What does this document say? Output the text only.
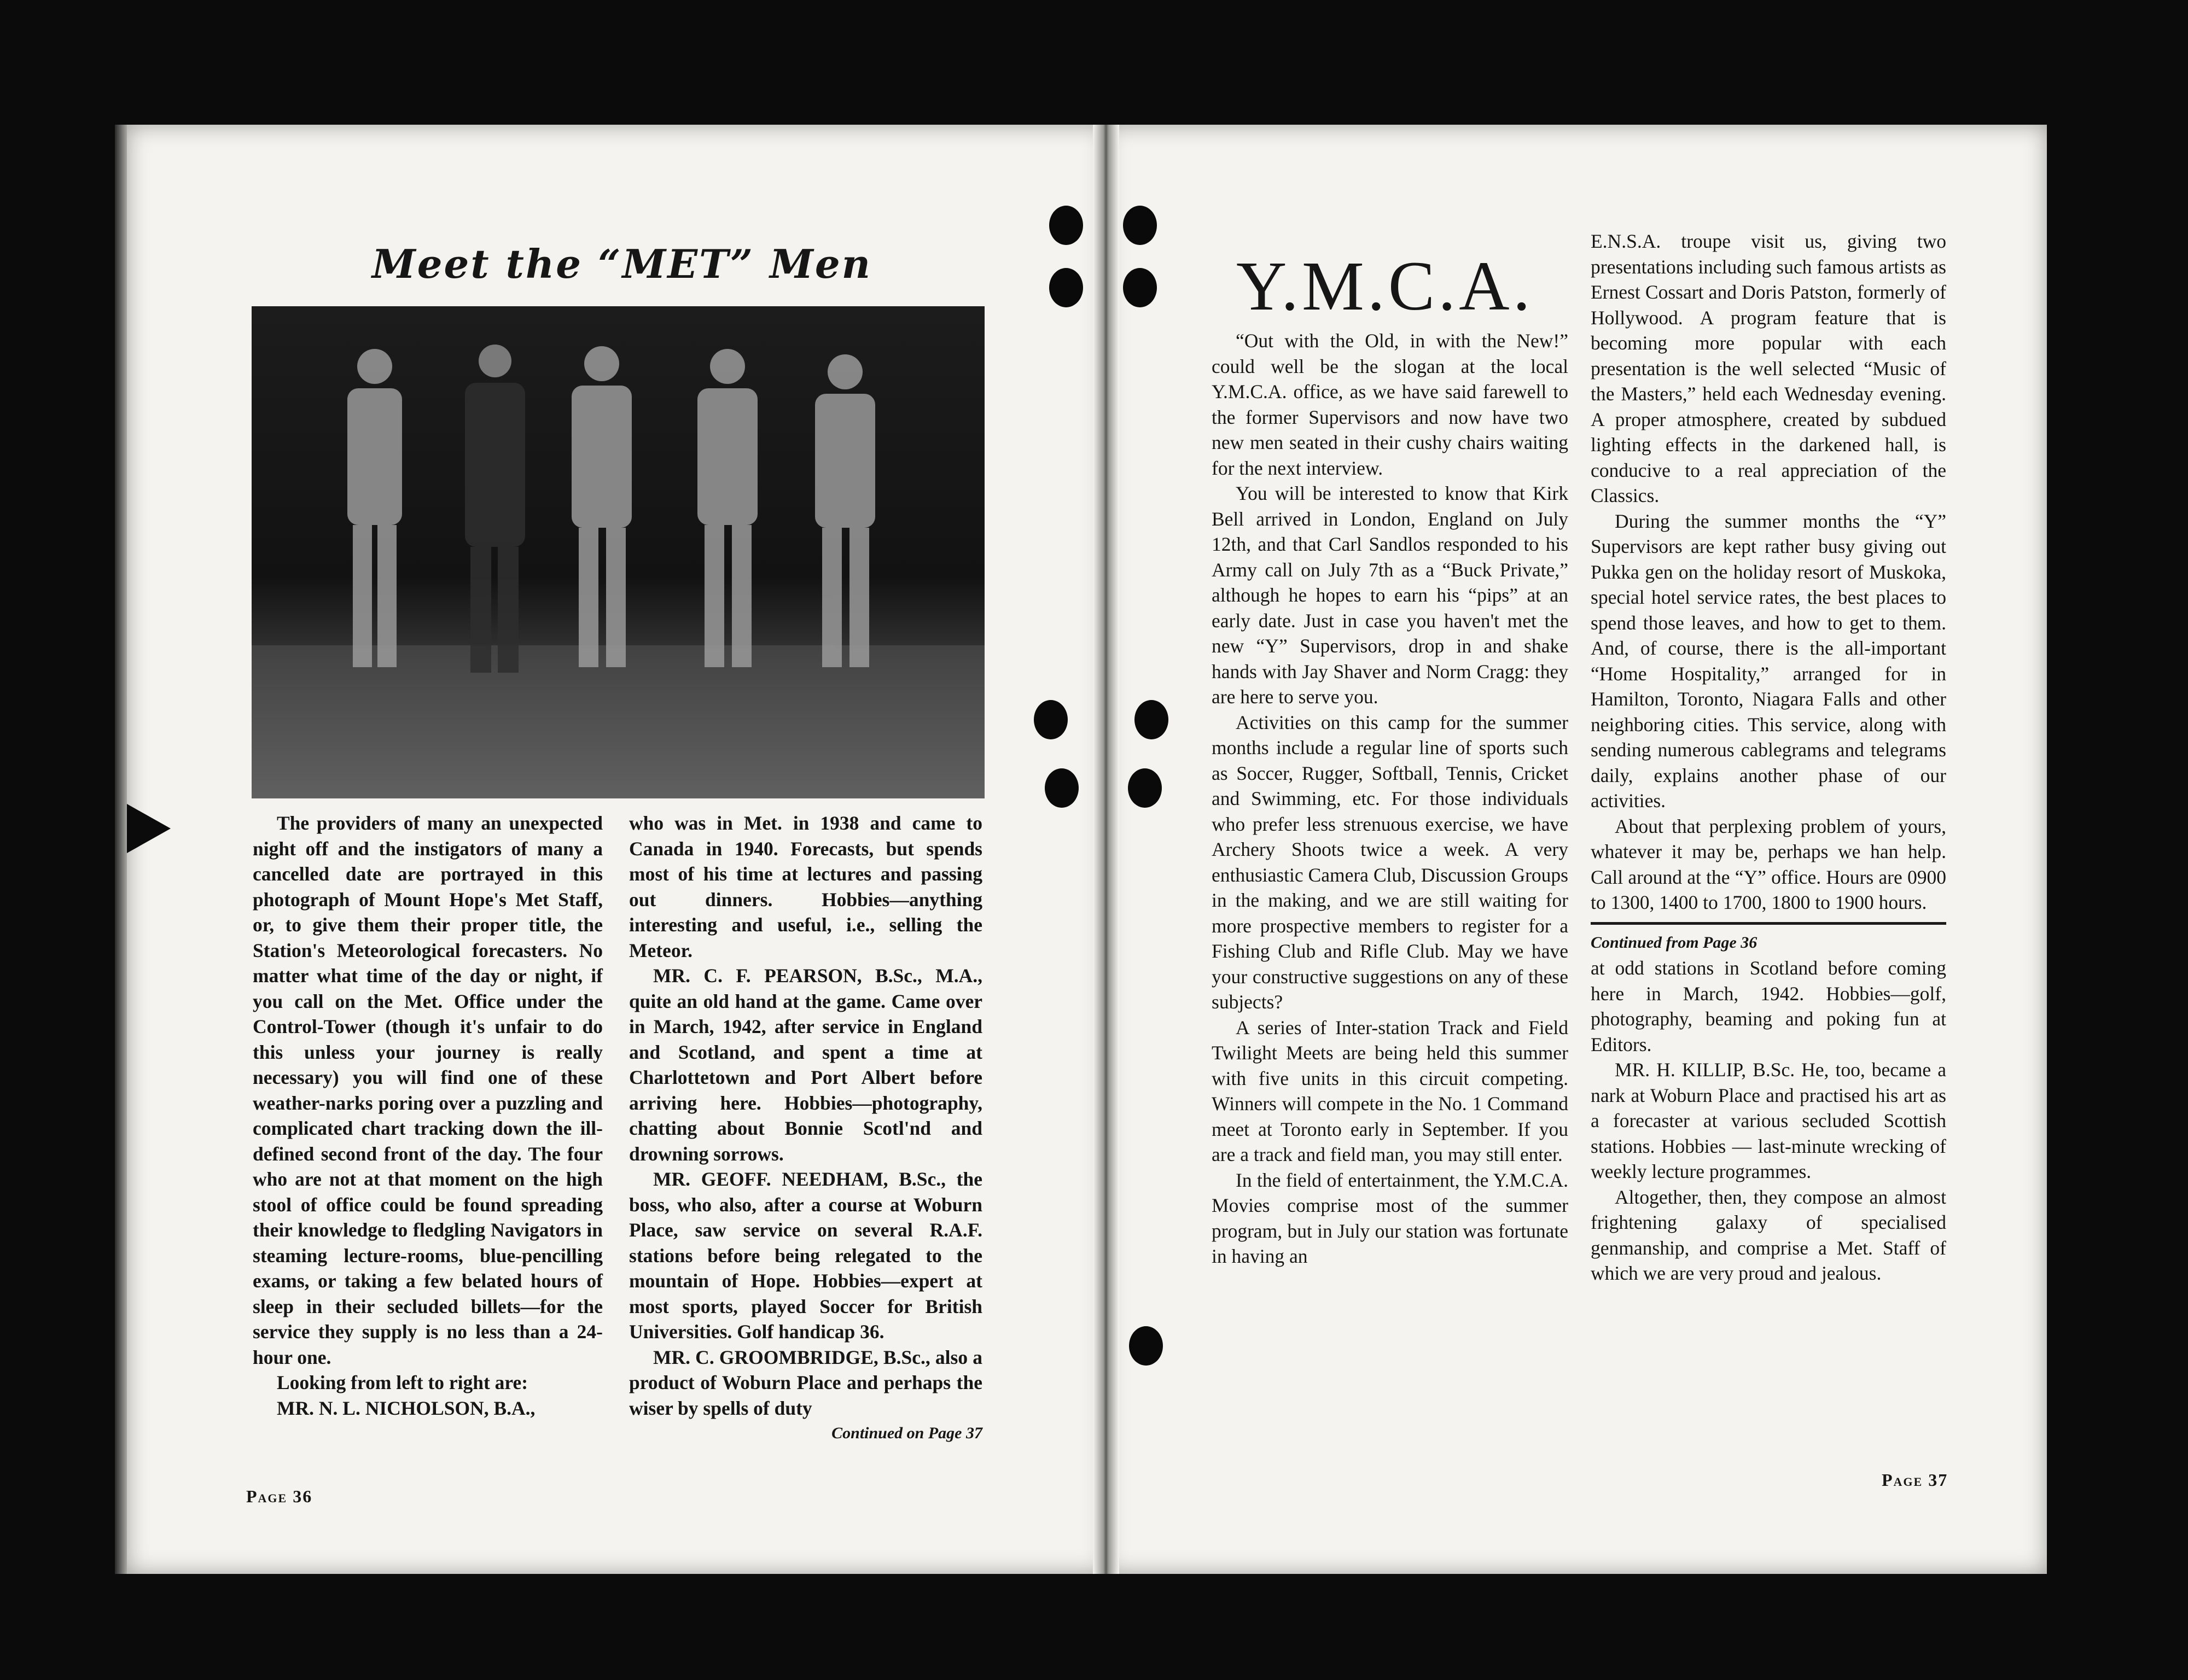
Meet the “MET” Men

The providers of many an unexpected night off and the instigators of many a cancelled date are portrayed in this photograph of Mount Hope's Met Staff, or, to give them their proper title, the Station's Meteorological forecasters. No matter what time of the day or night, if you call on the Met. Office under the Control-Tower (though it's unfair to do this unless your journey is really necessary) you will find one of these weather-narks poring over a puzzling and complicated chart tracking down the ill-defined second front of the day. The four who are not at that moment on the high stool of office could be found spreading their knowledge to fledgling Navigators in steaming lecture-rooms, blue-pencilling exams, or taking a few belated hours of sleep in their secluded billets—for the service they supply is no less than a 24-hour one.

Looking from left to right are:

MR. N. L. NICHOLSON, B.A.,

who was in Met. in 1938 and came to Canada in 1940. Forecasts, but spends most of his time at lectures and passing out dinners. Hobbies—anything interesting and useful, i.e., selling the Meteor.

MR. C. F. PEARSON, B.Sc., M.A., quite an old hand at the game. Came over in March, 1942, after service in England and Scotland, and spent a time at Charlottetown and Port Albert before arriving here. Hobbies—photography, chatting about Bonnie Scotl'nd and drowning sorrows.

MR. GEOFF. NEEDHAM, B.Sc., the boss, who also, after a course at Woburn Place, saw service on several R.A.F. stations before being relegated to the mountain of Hope. Hobbies—expert at most sports, played Soccer for British Universities. Golf handicap 36.

MR. C. GROOMBRIDGE, B.Sc., also a product of Woburn Place and perhaps the wiser by spells of duty

Continued on Page 37

Page 36
Y.M.C.A.

“Out with the Old, in with the New!” could well be the slogan at the local Y.M.C.A. office, as we have said farewell to the former Supervisors and now have two new men seated in their cushy chairs waiting for the next interview.

You will be interested to know that Kirk Bell arrived in London, England on July 12th, and that Carl Sandlos responded to his Army call on July 7th as a “Buck Private,” although he hopes to earn his “pips” at an early date. Just in case you haven't met the new “Y” Supervisors, drop in and shake hands with Jay Shaver and Norm Cragg: they are here to serve you.

Activities on this camp for the summer months include a regular line of sports such as Soccer, Rugger, Softball, Tennis, Cricket and Swimming, etc. For those individuals who prefer less strenuous exercise, we have Archery Shoots twice a week. A very enthusiastic Camera Club, Discussion Groups in the making, and we are still waiting for more prospective members to register for a Fishing Club and Rifle Club. May we have your constructive suggestions on any of these subjects?

A series of Inter-station Track and Field Twilight Meets are being held this summer with five units in this circuit competing. Winners will compete in the No. 1 Command meet at Toronto early in September. If you are a track and field man, you may still enter.

In the field of entertainment, the Y.M.C.A. Movies comprise most of the summer program, but in July our station was fortunate in having an

E.N.S.A. troupe visit us, giving two presentations including such famous artists as Ernest Cossart and Doris Patston, formerly of Hollywood. A program feature that is becoming more popular with each presentation is the well selected “Music of the Masters,” held each Wednesday evening. A proper atmosphere, created by subdued lighting effects in the darkened hall, is conducive to a real appreciation of the Classics.

During the summer months the “Y” Supervisors are kept rather busy giving out Pukka gen on the holiday resort of Muskoka, special hotel service rates, the best places to spend those leaves, and how to get to them. And, of course, there is the all-important “Home Hospitality,” arranged for in Hamilton, Toronto, Niagara Falls and other neighboring cities. This service, along with sending numerous cablegrams and telegrams daily, explains another phase of our activities.

About that perplexing problem of yours, whatever it may be, perhaps we han help. Call around at the “Y” office. Hours are 0900 to 1300, 1400 to 1700, 1800 to 1900 hours.

Continued from Page 36

at odd stations in Scotland before coming here in March, 1942. Hobbies—golf, photography, beaming and poking fun at Editors.

MR. H. KILLIP, B.Sc. He, too, became a nark at Woburn Place and practised his art as a forecaster at various secluded Scottish stations. Hobbies — last-minute wrecking of weekly lecture programmes.

Altogether, then, they compose an almost frightening galaxy of specialised genmanship, and comprise a Met. Staff of which we are very proud and jealous.

Page 37
